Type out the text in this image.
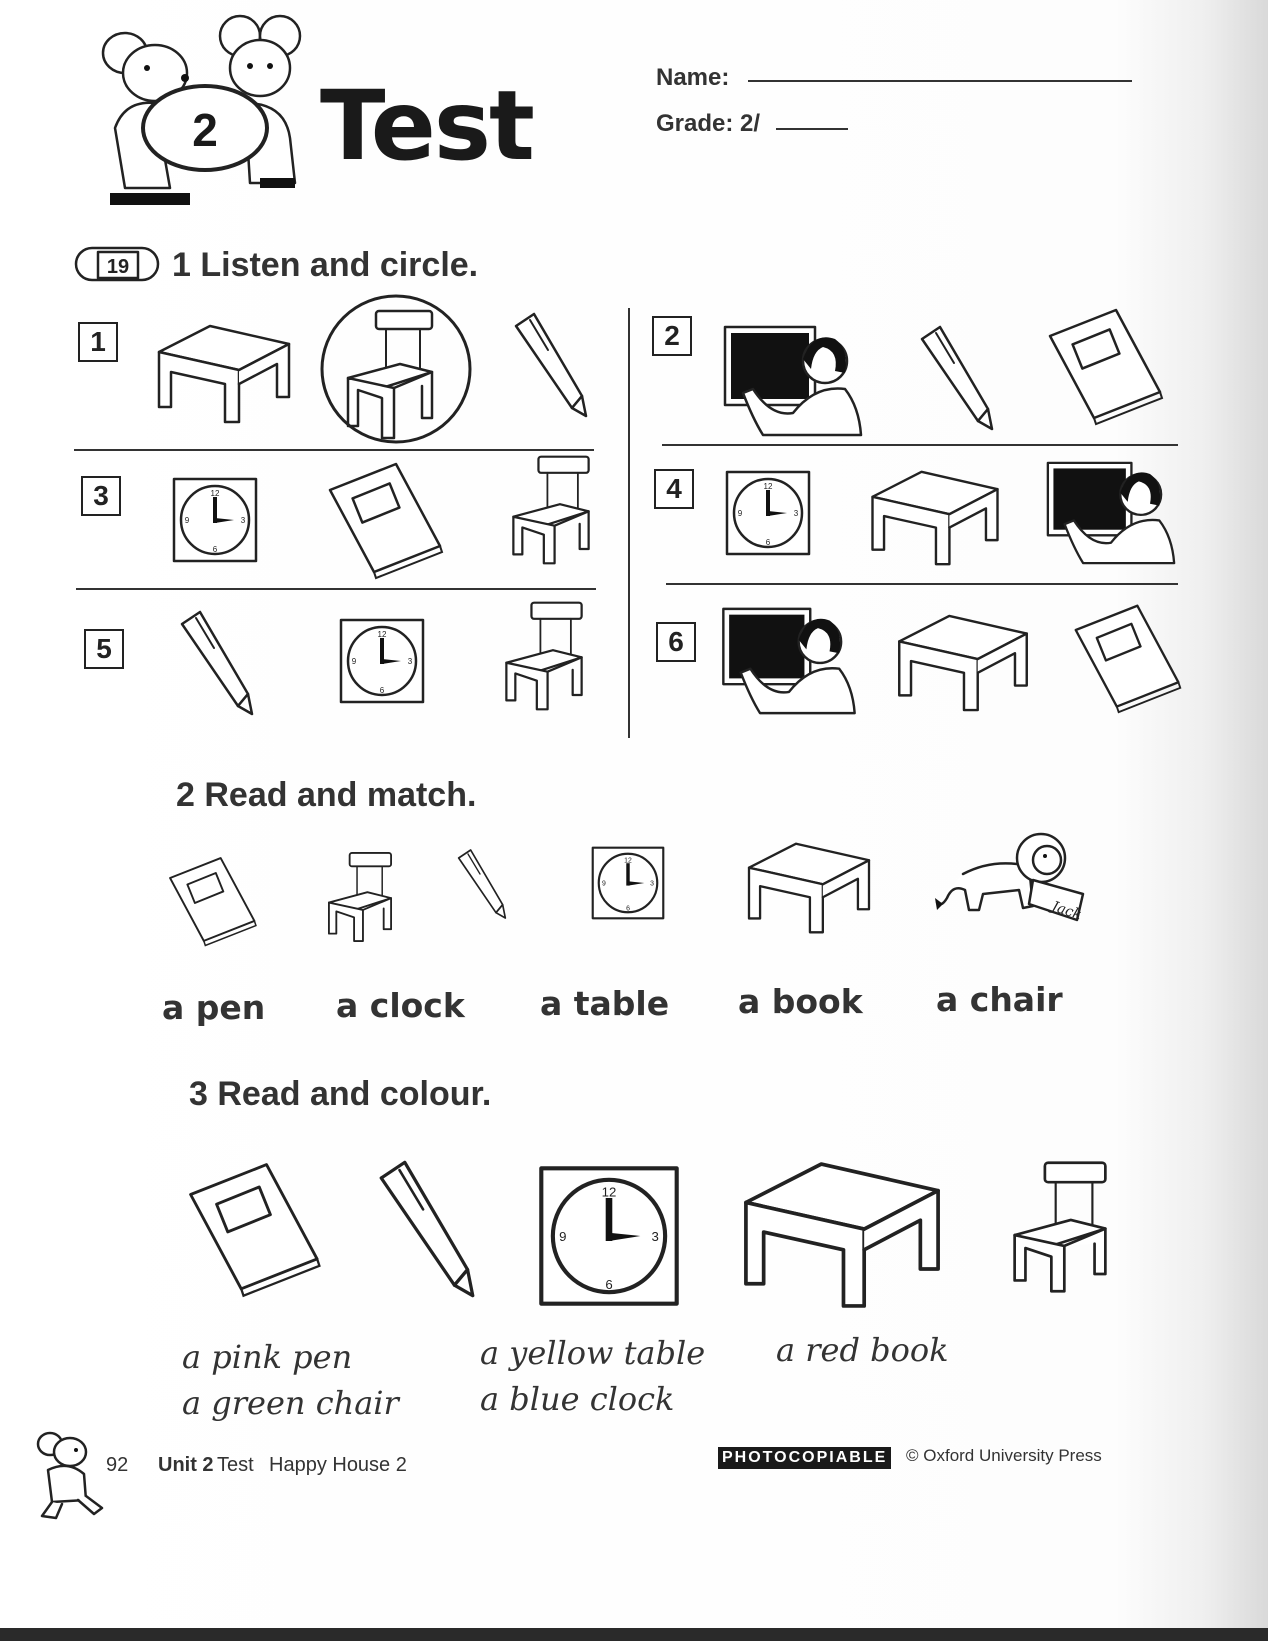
2 Test	Name:
Grade: 2/
19 1 Listen and circle.
1	2
3	4
5	6
12
3
6
9
12
3
6
9
12
3
6
9
2 Read and match.
12
3
6
9
Jack
a pen a clock a table a book a chair
3 Read and colour.
12
3
6
9
a pink pen
a green chair
a yellow table
a blue clock
a red book
92 Unit 2 Test Happy House 2	PHOTOCOPIABLE © Oxford University Press
